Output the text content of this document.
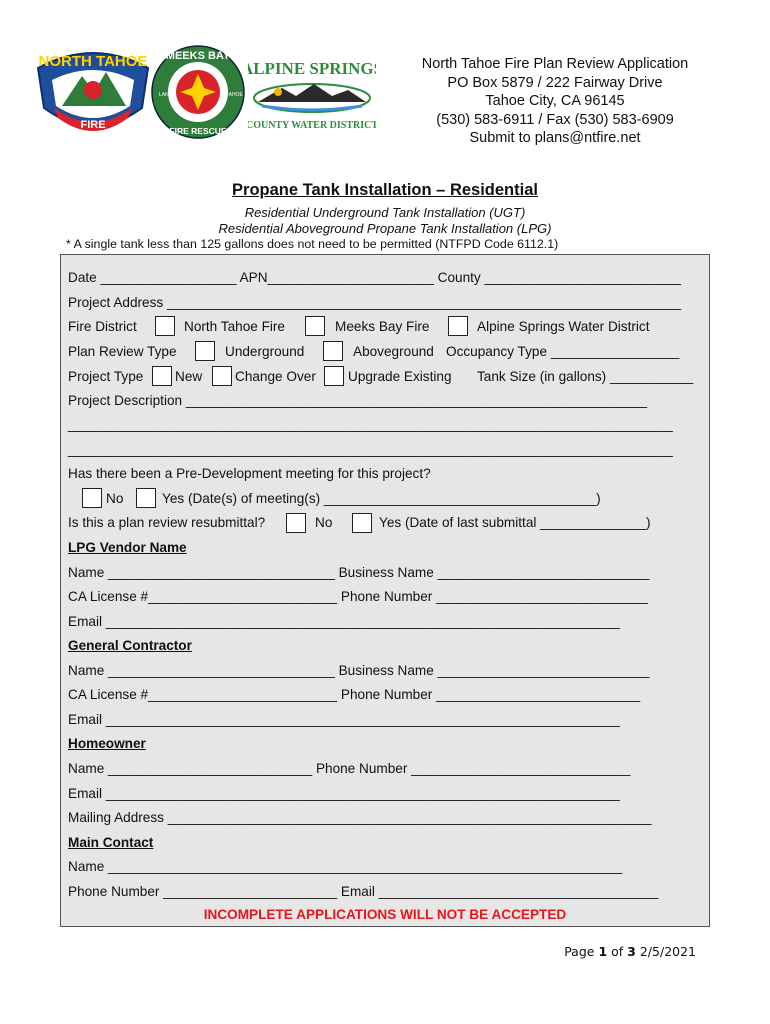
NORTH TAHOE
FIRE
MEEKS BAY
FIRE RESCUE
LAKE	TAHOE
ALPINE SPRINGS
COUNTY WATER DISTRICT
North Tahoe Fire Plan Review Application
PO Box 5879 / 222 Fairway Drive
Tahoe City, CA 96145
(530) 583-6911 / Fax (530) 583-6909
Submit to plans@ntfire.net
Propane Tank Installation – Residential
Residential Underground Tank Installation (UGT)
Residential Aboveground Propane Tank Installation (LPG)
* A single tank less than 125 gallons does not need to be permitted (NTFPD Code 6112.1)
Date __________________ APN______________________ County __________________________
Project Address ____________________________________________________________________
Fire District	North Tahoe Fire	Meeks Bay Fire	Alpine Springs Water District
Plan Review Type	Underground	Aboveground Occupancy Type _________________
Project Type New Change Over Upgrade Existing Tank Size (in gallons) ___________
Project Description _____________________________________________________________
________________________________________________________________________________
________________________________________________________________________________
Has there been a Pre-Development meeting for this project?
No	Yes (Date(s) of meeting(s) ____________________________________)
Is this a plan review resubmittal?	No	Yes (Date of last submittal ______________)
LPG Vendor Name
Name ______________________________ Business Name ____________________________
CA License #_________________________ Phone Number ____________________________
Email ____________________________________________________________________
General Contractor
Name ______________________________ Business Name ____________________________
CA License #_________________________ Phone Number ___________________________
Email ____________________________________________________________________
Homeowner
Name ___________________________ Phone Number _____________________________
Email ____________________________________________________________________
Mailing Address ________________________________________________________________
Main Contact
Name ____________________________________________________________________
Phone Number _______________________ Email _____________________________________
INCOMPLETE APPLICATIONS WILL NOT BE ACCEPTED
Page 1 of 3 2/5/2021
